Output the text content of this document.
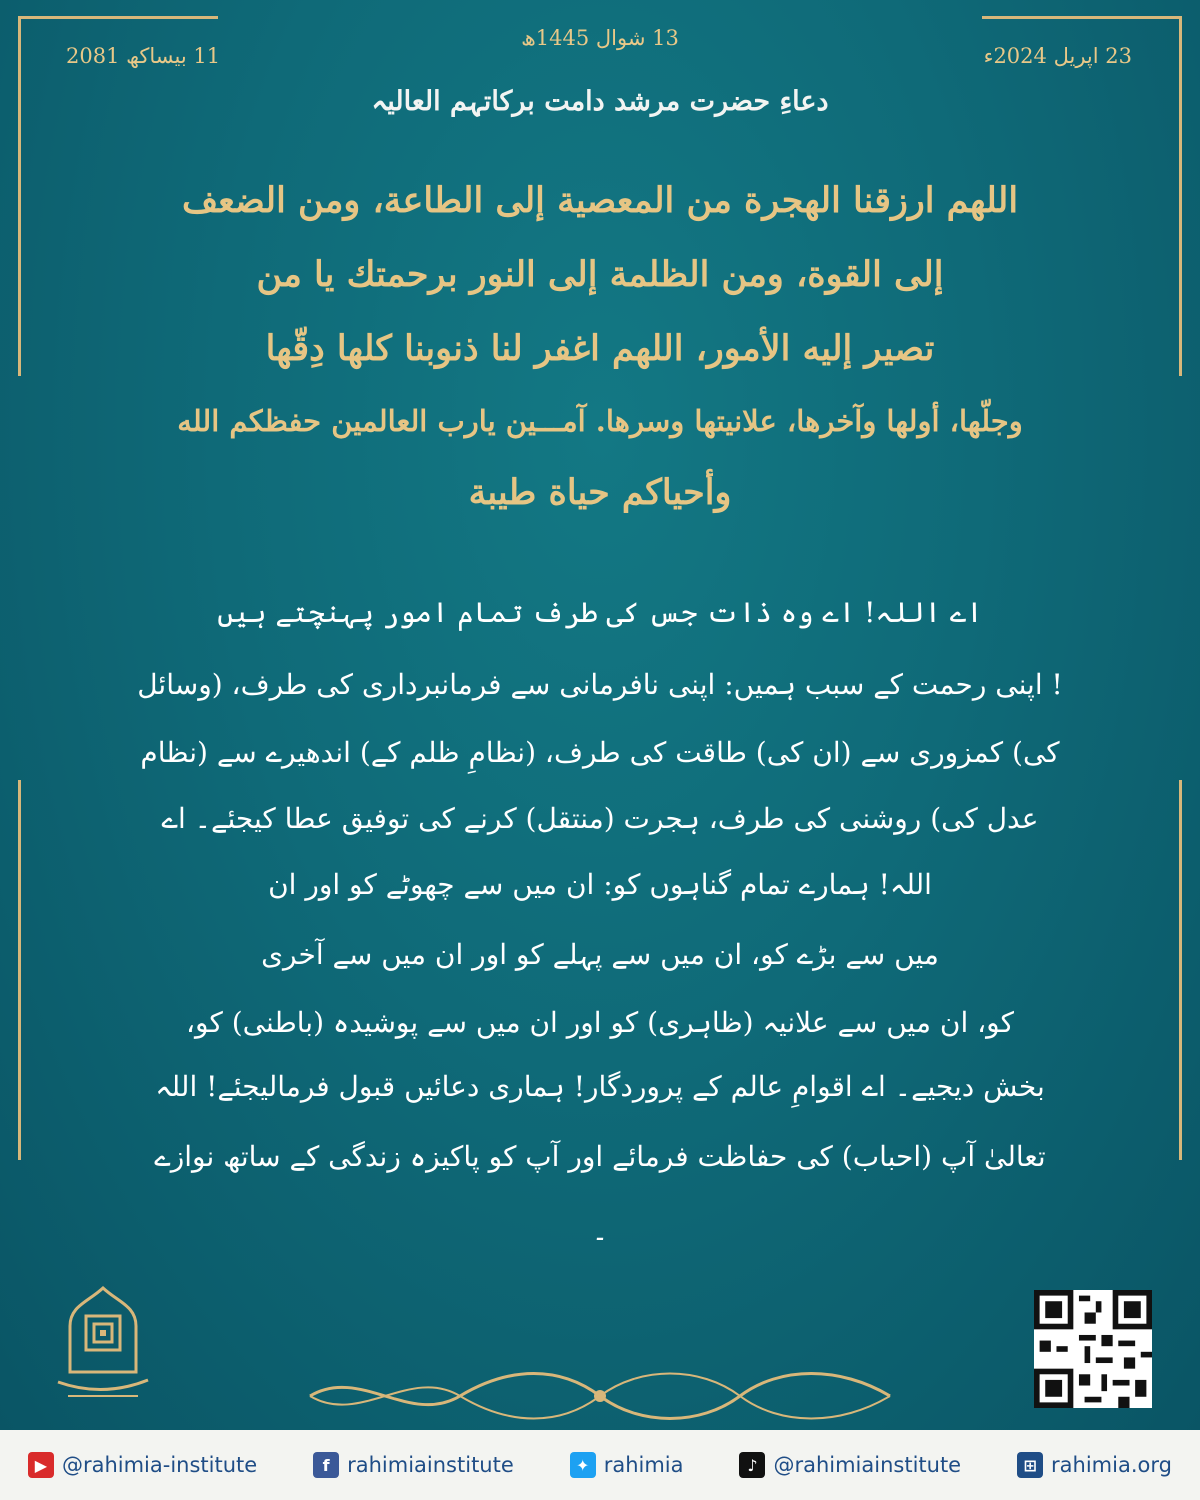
13 شوال 1445ھ
23 اپریل 2024ء
11 بیساکھ 2081
دعاءِ حضرت مرشد دامت برکاتہم العالیہ
اللهم ارزقنا الهجرة من المعصية إلى الطاعة، ومن الضعف
إلى القوة، ومن الظلمة إلى النور برحمتك يا من
تصير إليه الأمور، اللهم اغفر لنا ذنوبنا كلها دِقّها
وجلّها، أولها وآخرها، علانيتها وسرها. آمـــين يارب العالمين حفظكم الله
وأحياكم حياة طيبة
اے اللہ! اے وہ ذات جس کی طرف تمام امور پہنچتے ہیں
! اپنی رحمت کے سبب ہمیں: اپنی نافرمانی سے فرمانبرداری کی طرف، (وسائل
کی) کمزوری سے (ان کی) طاقت کی طرف، (نظامِ ظلم کے) اندھیرے سے (نظام
عدل کی) روشنی کی طرف، ہجرت (منتقل) کرنے کی توفیق عطا کیجئے۔ اے
اللہ! ہمارے تمام گناہوں کو: ان میں سے چھوٹے کو اور ان
میں سے بڑے کو، ان میں سے پہلے کو اور ان میں سے آخری
کو، ان میں سے علانیہ (ظاہری) کو اور ان میں سے پوشیدہ (باطنی) کو،
بخش دیجیے۔ اے اقوامِ عالم کے پروردگار! ہماری دعائیں قبول فرمالیجئے! اللہ
تعالیٰ آپ (احباب) کی حفاظت فرمائے اور آپ کو پاکیزہ زندگی کے ساتھ نوازے
۔
▶ @rahimia-institute	f rahimiainstitute	✦ rahimia	♪ @rahimiainstitute	⊞ rahimia.org
